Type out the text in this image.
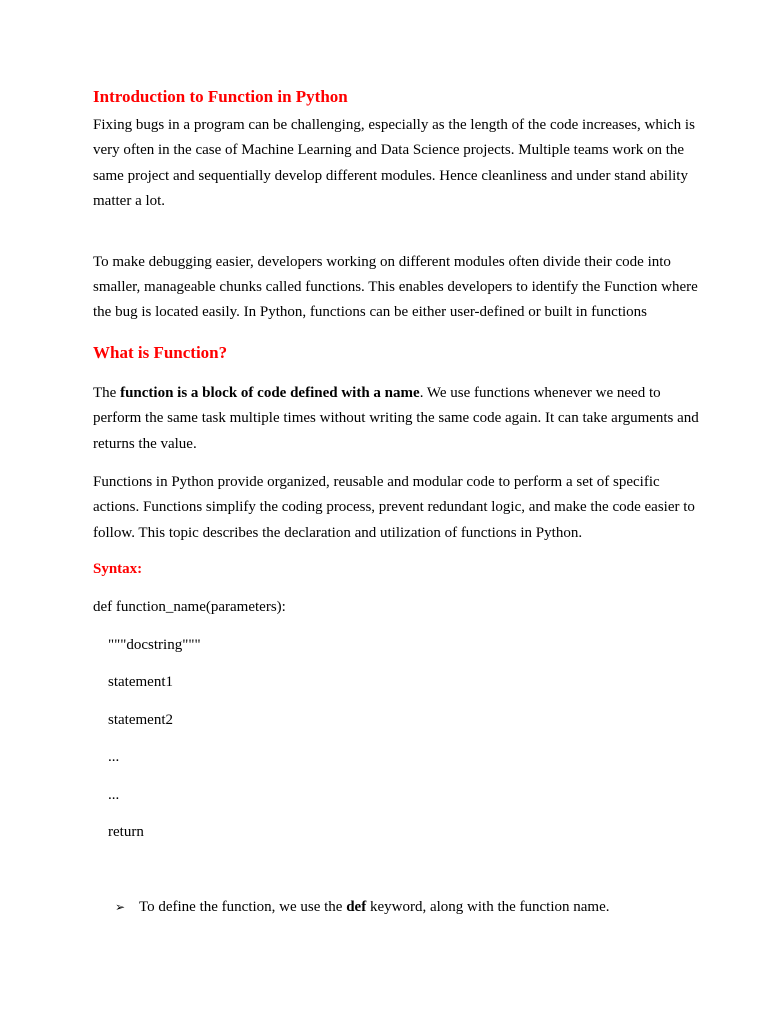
Introduction to Function in Python

Fixing bugs in a program can be challenging, especially as the length of the code increases, which is very often in the case of Machine Learning and Data Science projects. Multiple teams work on the same project and sequentially develop different modules. Hence cleanliness and under stand ability matter a lot.

To make debugging easier, developers working on different modules often divide their code into smaller, manageable chunks called functions. This enables developers to identify the Function where the bug is located easily. In Python, functions can be either user-defined or built in functions

What is Function?

The function is a block of code defined with a name. We use functions whenever we need to perform the same task multiple times without writing the same code again. It can take arguments and returns the value.

Functions in Python provide organized, reusable and modular code to perform a set of specific actions. Functions simplify the coding process, prevent redundant logic, and make the code easier to follow. This topic describes the declaration and utilization of functions in Python.

Syntax:
def function_name(parameters):
"""docstring"""
statement1
statement2
...
...
return
➢ To define the function, we use the def keyword, along with the function name.
